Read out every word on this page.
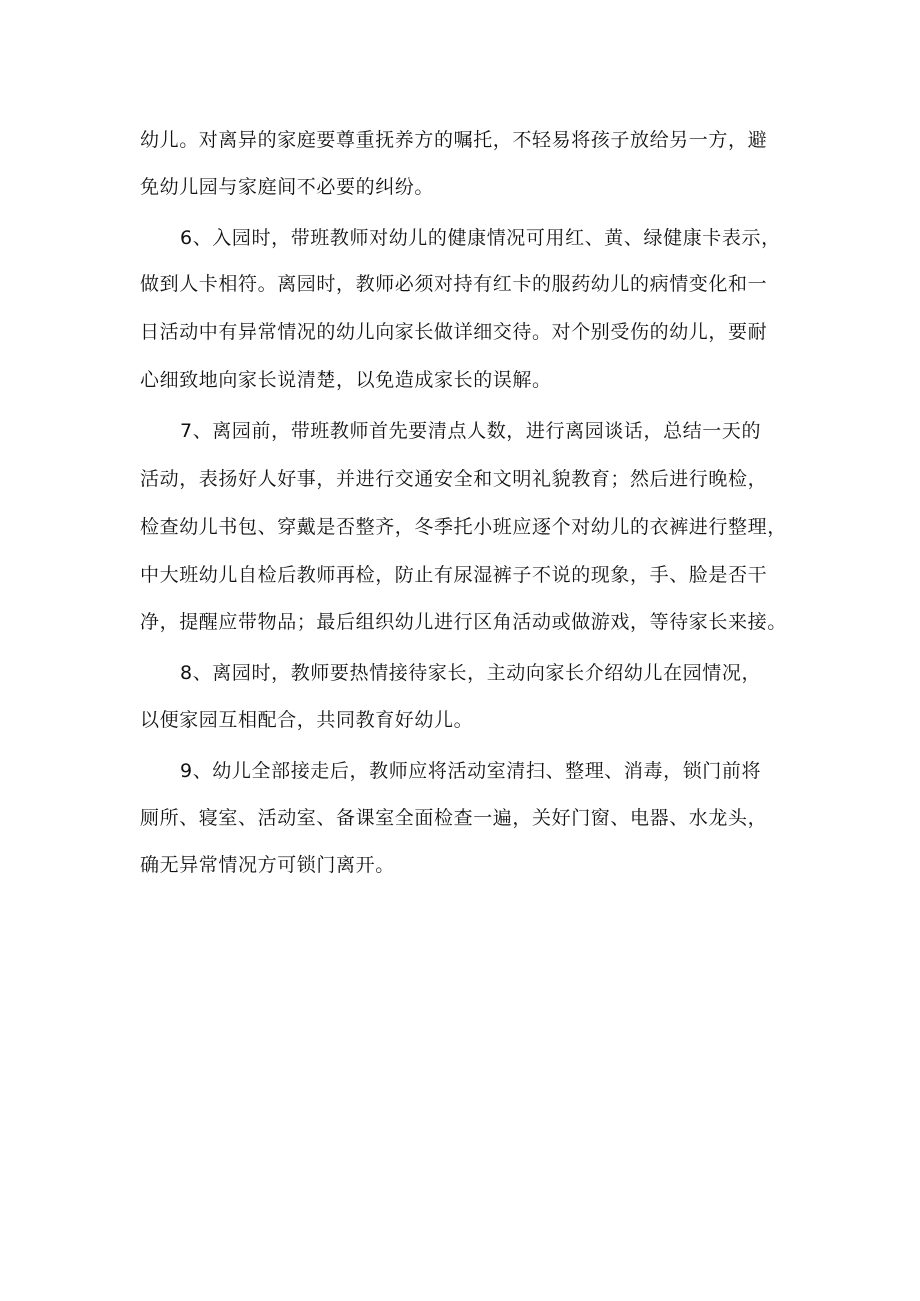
幼儿。对离异的家庭要尊重抚养方的嘱托，不轻易将孩子放给另一方，避
免幼儿园与家庭间不必要的纠纷。
6、入园时，带班教师对幼儿的健康情况可用红、黄、绿健康卡表示，
做到人卡相符。离园时，教师必须对持有红卡的服药幼儿的病情变化和一
日活动中有异常情况的幼儿向家长做详细交待。对个别受伤的幼儿，要耐
心细致地向家长说清楚，以免造成家长的误解。
7、离园前，带班教师首先要清点人数，进行离园谈话，总结一天的
活动，表扬好人好事，并进行交通安全和文明礼貌教育；然后进行晚检，
检查幼儿书包、穿戴是否整齐，冬季托小班应逐个对幼儿的衣裤进行整理，
中大班幼儿自检后教师再检，防止有尿湿裤子不说的现象，手、脸是否干
净，提醒应带物品；最后组织幼儿进行区角活动或做游戏，等待家长来接。
8、离园时，教师要热情接待家长，主动向家长介绍幼儿在园情况，
以便家园互相配合，共同教育好幼儿。
9、幼儿全部接走后，教师应将活动室清扫、整理、消毒，锁门前将
厕所、寝室、活动室、备课室全面检查一遍，关好门窗、电器、水龙头，
确无异常情况方可锁门离开。
